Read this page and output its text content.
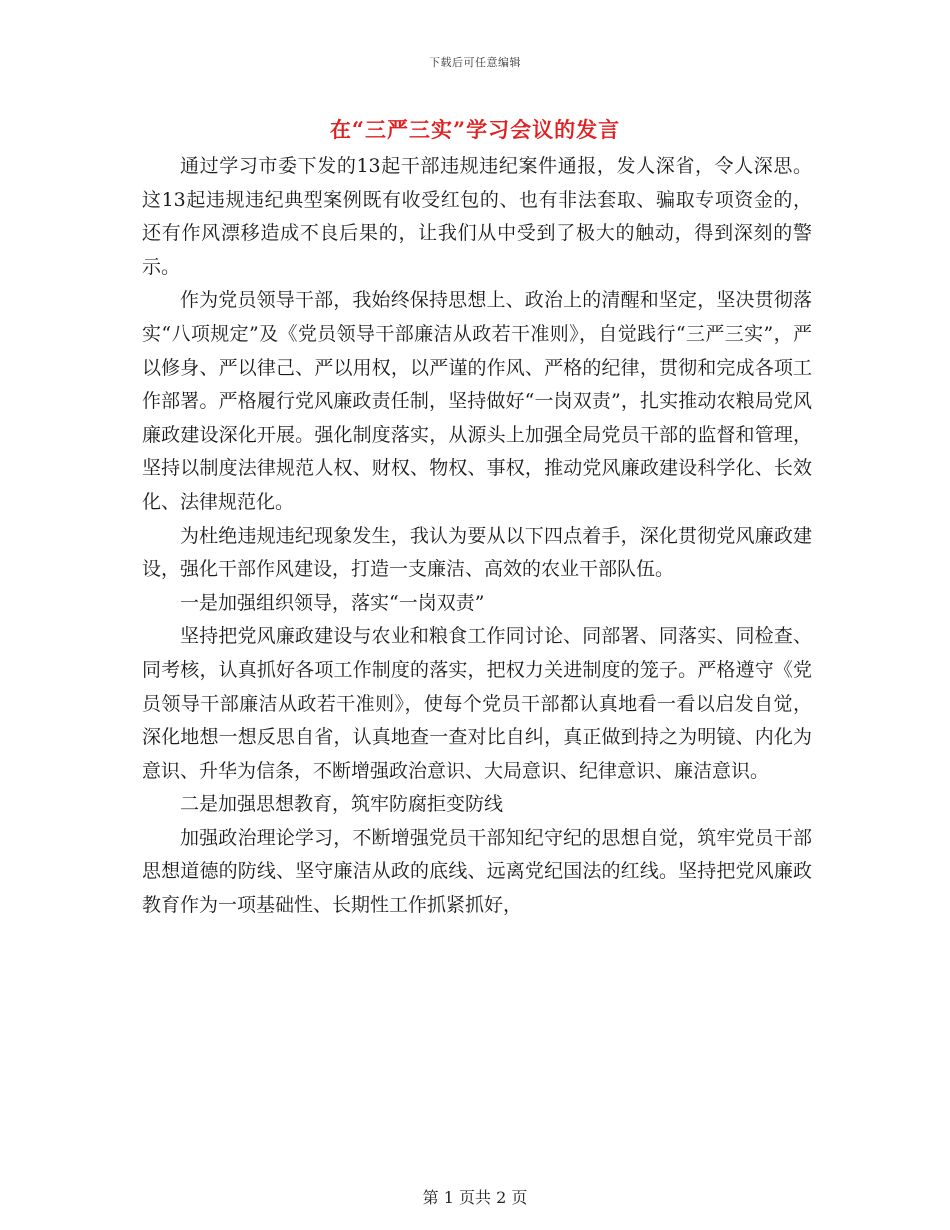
下载后可任意编辑
在“三严三实”学习会议的发言

通过学习市委下发的13起干部违规违纪案件通报，发人深省，令人深思。这13起违规违纪典型案例既有收受红包的、也有非法套取、骗取专项资金的，还有作风漂移造成不良后果的，让我们从中受到了极大的触动，得到深刻的警示。

作为党员领导干部，我始终保持思想上、政治上的清醒和坚定，坚决贯彻落实“八项规定”及《党员领导干部廉洁从政若干准则》，自觉践行“三严三实”，严以修身、严以律己、严以用权，以严谨的作风、严格的纪律，贯彻和完成各项工作部署。严格履行党风廉政责任制，坚持做好“一岗双责”，扎实推动农粮局党风廉政建设深化开展。强化制度落实，从源头上加强全局党员干部的监督和管理，坚持以制度法律规范人权、财权、物权、事权，推动党风廉政建设科学化、长效化、法律规范化。

为杜绝违规违纪现象发生，我认为要从以下四点着手，深化贯彻党风廉政建设，强化干部作风建设，打造一支廉洁、高效的农业干部队伍。

一是加强组织领导，落实“一岗双责”

坚持把党风廉政建设与农业和粮食工作同讨论、同部署、同落实、同检查、同考核，认真抓好各项工作制度的落实，把权力关进制度的笼子。严格遵守《党员领导干部廉洁从政若干准则》，使每个党员干部都认真地看一看以启发自觉，深化地想一想反思自省，认真地查一查对比自纠，真正做到持之为明镜、内化为意识、升华为信条，不断增强政治意识、大局意识、纪律意识、廉洁意识。

二是加强思想教育，筑牢防腐拒变防线

加强政治理论学习，不断增强党员干部知纪守纪的思想自觉，筑牢党员干部思想道德的防线、坚守廉洁从政的底线、远离党纪国法的红线。坚持把党风廉政教育作为一项基础性、长期性工作抓紧抓好，

第 1 页共 2 页
